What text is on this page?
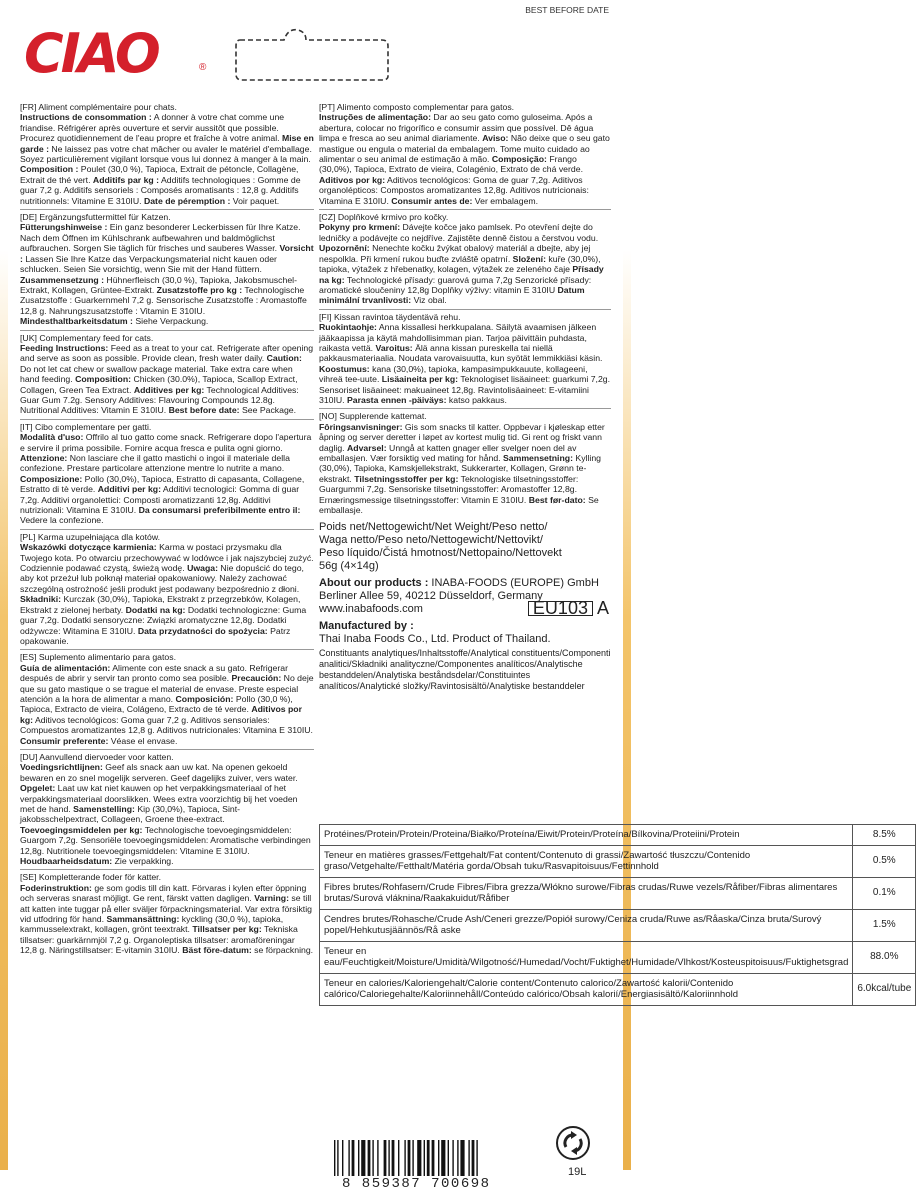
CIAO	®
BEST BEFORE DATE

[FR] Aliment complémentaire pour chats.
Instructions de consommation : A donner à votre chat comme une friandise. Réfrigérer après ouverture et servir aussitôt que possible. Procurez quotidiennement de l'eau propre et fraîche à votre animal. Mise en garde : Ne laissez pas votre chat mâcher ou avaler le matériel d'emballage. Soyez particulièrement vigilant lorsque vous lui donnez à manger à la main. Composition : Poulet (30,0 %), Tapioca, Extrait de pétoncle, Collagène, Extrait de thé vert. Additifs par kg : Additifs technologiques : Gomme de guar 7,2 g. Additifs sensoriels : Composés aromatisants : 12,8 g. Additifs nutritionnels: Vitamine E 310IU. Date de péremption : Voir paquet.

[DE] Ergänzungsfuttermittel für Katzen.
Fütterungshinweise : Ein ganz besonderer Leckerbissen für Ihre Katze. Nach dem Öffnen im Kühlschrank aufbewahren und baldmöglichst aufbrauchen. Sorgen Sie täglich für frisches und sauberes Wasser. Vorsicht : Lassen Sie Ihre Katze das Verpackungsmaterial nicht kauen oder schlucken. Seien Sie vorsichtig, wenn Sie mit der Hand füttern. Zusammensetzung : Hühnerfleisch (30,0 %), Tapioka, Jakobsmuschel-Extrakt, Kollagen, Grüntee-Extrakt. Zusatzstoffe pro kg : Technologische Zusatzstoffe : Guarkernmehl 7,2 g. Sensorische Zusatzstoffe : Aromastoffe 12,8 g. Nahrungszusatzstoffe : Vitamin E 310IU. Mindesthaltbarkeitsdatum : Siehe Verpackung.

[UK] Complementary feed for cats.
Feeding Instructions: Feed as a treat to your cat. Refrigerate after opening and serve as soon as possible. Provide clean, fresh water daily. Caution: Do not let cat chew or swallow package material. Take extra care when hand feeding. Composition: Chicken (30.0%), Tapioca, Scallop Extract, Collagen, Green Tea Extract. Additives per kg: Technological Additives: Guar Gum 7.2g. Sensory Additives: Flavouring Compounds 12.8g. Nutritional Additives: Vitamin E 310IU. Best before date: See Package.

[IT] Cibo complementare per gatti.
Modalità d'uso: Offrilo al tuo gatto come snack. Refrigerare dopo l'apertura e servire il prima possibile. Fornire acqua fresca e pulita ogni giorno. Attenzione: Non lasciare che il gatto mastichi o ingoi il materiale della confezione. Prestare particolare attenzione mentre lo nutrite a mano. Composizione: Pollo (30,0%), Tapioca, Estratto di capasanta, Collagene, Estratto di tè verde. Additivi per kg: Additivi tecnologici: Gomma di guar 7,2g. Additivi organolettici: Composti aromatizzanti 12,8g. Additivi nutrizionali: Vitamina E 310IU. Da consumarsi preferibilmente entro il: Vedere la confezione.

[PL] Karma uzupełniająca dla kotów.
Wskazówki dotyczące karmienia: Karma w postaci przysmaku dla Twojego kota. Po otwarciu przechowywać w lodówce i jak najszybciej zużyć. Codziennie podawać czystą, świeżą wodę. Uwaga: Nie dopuścić do tego, aby kot przeżuł lub połknął materiał opakowaniowy. Należy zachować szczególną ostrożność jeśli produkt jest podawany bezpośrednio z dłoni. Składniki: Kurczak (30,0%), Tapioka, Ekstrakt z przegrzebków, Kolagen, Ekstrakt z zielonej herbaty. Dodatki na kg: Dodatki technologiczne: Guma guar 7,2g. Dodatki sensoryczne: Związki aromatyczne 12,8g. Dodatki odżywcze: Witamina E 310IU. Data przydatności do spożycia: Patrz opakowanie.

[ES] Suplemento alimentario para gatos.
Guía de alimentación: Alimente con este snack a su gato. Refrigerar después de abrir y servir tan pronto como sea posible. Precaución: No deje que su gato mastique o se trague el material de envase. Preste especial atención a la hora de alimentar a mano. Composición: Pollo (30,0 %), Tapioca, Extracto de vieira, Colágeno, Extracto de té verde. Aditivos por kg: Aditivos tecnológicos: Goma guar 7,2 g. Aditivos sensoriales: Compuestos aromatizantes 12,8 g. Aditivos nutricionales: Vitamina E 310IU. Consumir preferente: Véase el envase.

[DU] Aanvullend diervoeder voor katten.
Voedingsrichtlijnen: Geef als snack aan uw kat. Na openen gekoeld bewaren en zo snel mogelijk serveren. Geef dagelijks zuiver, vers water. Opgelet: Laat uw kat niet kauwen op het verpakkingsmateriaal of het verpakkingsmateriaal doorslikken. Wees extra voorzichtig bij het voeden met de hand. Samenstelling: Kip (30,0%), Tapioca, Sint-jakobsschelpextract, Collageen, Groene thee-extract. Toevoegingsmiddelen per kg: Technologische toevoegingsmiddelen: Guargom 7,2g. Sensoriële toevoegingsmiddelen: Aromatische verbindingen 12,8g. Nutritionele toevoegingsmiddelen: Vitamine E 310IU. Houdbaarheidsdatum: Zie verpakking.

[SE] Kompletterande foder för katter.
Foderinstruktion: ge som godis till din katt. Förvaras i kylen efter öppning och serveras snarast möjligt. Ge rent, färskt vatten dagligen. Varning: se till att katten inte tuggar på eller sväljer förpackningsmaterial. Var extra försiktig vid utfodring för hand. Sammansättning: kyckling (30,0 %), tapioka, kammusselextrakt, kollagen, grönt teextrakt. Tillsatser per kg: Tekniska tillsatser: guarkärnmjöl 7,2 g. Organoleptiska tillsatser: aromaföreningar 12,8 g. Näringstillsatser: E-vitamin 310IU. Bäst före-datum: se förpackning.

[PT] Alimento composto complementar para gatos.
Instruções de alimentação: Dar ao seu gato como guloseima. Após a abertura, colocar no frigorífico e consumir assim que possível. Dê água limpa e fresca ao seu animal diariamente. Aviso: Não deixe que o seu gato mastigue ou engula o material da embalagem. Tome muito cuidado ao alimentar o seu animal de estimação à mão. Composição: Frango (30,0%), Tapioca, Extrato de vieira, Colagénio, Extrato de chá verde. Aditivos por kg: Aditivos tecnológicos: Goma de guar 7,2g. Aditivos organolépticos: Compostos aromatizantes 12,8g. Aditivos nutricionais: Vitamina E 310IU. Consumir antes de: Ver embalagem.

[CZ] Doplňkové krmivo pro kočky.
Pokyny pro krmení: Dávejte kočce jako pamlsek. Po otevření dejte do ledničky a podávejte co nejdříve. Zajistěte denně čistou a čerstvou vodu. Upozornění: Nenechte kočku žvýkat obalový materiál a dbejte, aby jej nespolkla. Při krmení rukou buďte zvláště opatrní. Složení: kuře (30,0%), tapioka, výtažek z hřebenatky, kolagen, výtažek ze zeleného čaje Přísady na kg: Technologické přísady: guarová guma 7,2g Senzorické přísady: aromatické sloučeniny 12,8g Doplňky výživy: vitamin E 310IU Datum minimální trvanlivosti: Viz obal.

[FI] Kissan ravintoa täydentävä rehu.
Ruokintaohje: Anna kissallesi herkkupalana. Säilytä avaamisen jälkeen jääkaapissa ja käytä mahdollisimman pian. Tarjoa päivittäin puhdasta, raikasta vettä. Varoitus: Älä anna kissan pureskella tai niellä pakkausmateriaalia. Noudata varovaisuutta, kun syötät lemmikkiäsi käsin. Koostumus: kana (30,0%), tapioka, kampasimpukkauute, kollageeni, vihreä tee-uute. Lisäaineita per kg: Teknologiset lisäaineet: guarkumi 7,2g. Sensoriset lisäaineet: makuaineet 12,8g. Ravintolisäaineet: E-vitamiini 310IU. Parasta ennen -päiväys: katso pakkaus.

[NO] Supplerende kattemat.
Fôringsanvisninger: Gis som snacks til katter. Oppbevar i kjøleskap etter åpning og server deretter i løpet av kortest mulig tid. Gi rent og friskt vann daglig. Advarsel: Unngå at katten gnager eller svelger noen del av emballasjen. Vær forsiktig ved mating for hånd. Sammensetning: Kylling (30,0%), Tapioka, Kamskjellekstrakt, Sukkerarter, Kollagen, Grønn te-ekstrakt. Tilsetningsstoffer per kg: Teknologiske tilsetningsstoffer: Guargummi 7,2g. Sensoriske tilsetningsstoffer: Aromastoffer 12,8g. Ernæringsmessige tilsetningsstoffer: Vitamin E 310IU. Best før-dato: Se emballasje.

Poids net/Nettogewicht/Net Weight/Peso netto/
Waga netto/Peso neto/Nettogewicht/Nettovikt/
Peso líquido/Čistá hmotnost/Nettopaino/Nettovekt
56g (4×14g)
About our products : INABA-FOODS (EUROPE) GmbH
Berliner Allee 59, 40212 Düsseldorf, Germany
www.inabafoods.com	EU103 A
Manufactured by :
Thai Inaba Foods Co., Ltd. Product of Thailand.
Constituants analytiques/Inhaltsstoffe/Analytical constituents/Componenti analitici/Składniki analityczne/Componentes analíticos/Analytische bestanddelen/Analytiska beståndsdelar/Constituintes analíticos/Analytické složky/Ravintosisältö/Analytiske bestanddeler
Protéines/Protein/Protein/Proteina/Białko/Proteína/Eiwit/Protein/Proteína/Bílkovina/Proteiini/Protein	8.5%
Teneur en matières grasses/Fettgehalt/Fat content/Contenuto di grassi/Zawartość tłuszczu/Contenido graso/Vetgehalte/Fetthalt/Matéria gorda/Obsah tuku/Rasvapitoisuus/Fettinnhold	0.5%
Fibres brutes/Rohfasern/Crude Fibres/Fibra grezza/Włókno surowe/Fibras crudas/Ruwe vezels/Råfiber/Fibras alimentares brutas/Surová vláknina/Raakakuidut/Råfiber	0.1%
Cendres brutes/Rohasche/Crude Ash/Ceneri grezze/Popiół surowy/Ceniza cruda/Ruwe as/Råaska/Cinza bruta/Surový popel/Hehkutusjäännös/Rå aske	1.5%
Teneur en eau/Feuchtigkeit/Moisture/Umidità/Wilgotność/Humedad/Vocht/Fuktighet/Humidade/Vlhkost/Kosteuspitoisuus/Fuktighetsgrad	88.0%
Teneur en calories/Kaloriengehalt/Calorie content/Contenuto calorico/Zawartość kalorii/Contenido calórico/Caloriegehalte/Kaloriinnehåll/Conteúdo calórico/Obsah kalorií/Energiasisältö/Kaloriinnhold	6.0kcal/tube
8 859387 700698
19L
